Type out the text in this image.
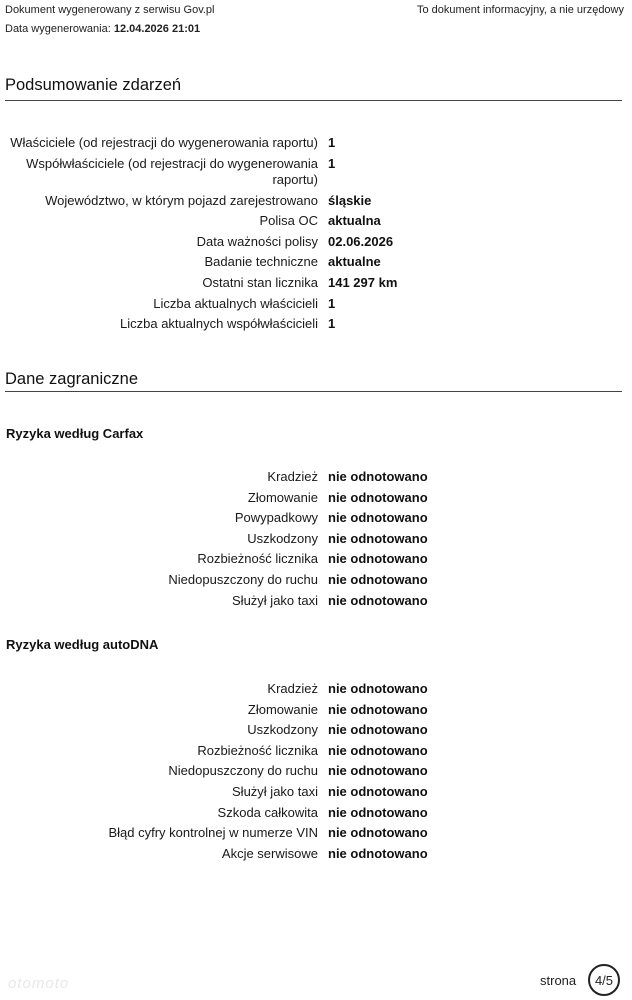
Dokument wygenerowany z serwisu Gov.pl
Data wygenerowania: 12.04.2026 21:01
To dokument informacyjny, a nie urzędowy
Podsumowanie zdarzeń
Właściciele (od rejestracji do wygenerowania raportu) 1
Współwłaściciele (od rejestracji do wygenerowania raportu)
1
Województwo, w którym pojazd zarejestrowano śląskie
Polisa OC aktualna
Data ważności polisy 02.06.2026
Badanie techniczne aktualne
Ostatni stan licznika 141 297 km
Liczba aktualnych właścicieli 1
Liczba aktualnych współwłaścicieli 1
Dane zagraniczne
Ryzyka według Carfax
Kradzież nie odnotowano
Złomowanie nie odnotowano
Powypadkowy nie odnotowano
Uszkodzony nie odnotowano
Rozbieżność licznika nie odnotowano
Niedopuszczony do ruchu nie odnotowano
Służył jako taxi nie odnotowano
Ryzyka według autoDNA
Kradzież nie odnotowano
Złomowanie nie odnotowano
Uszkodzony nie odnotowano
Rozbieżność licznika nie odnotowano
Niedopuszczony do ruchu nie odnotowano
Służył jako taxi nie odnotowano
Szkoda całkowita nie odnotowano
Błąd cyfry kontrolnej w numerze VIN nie odnotowano
Akcje serwisowe nie odnotowano
otomoto	strona 4/5
